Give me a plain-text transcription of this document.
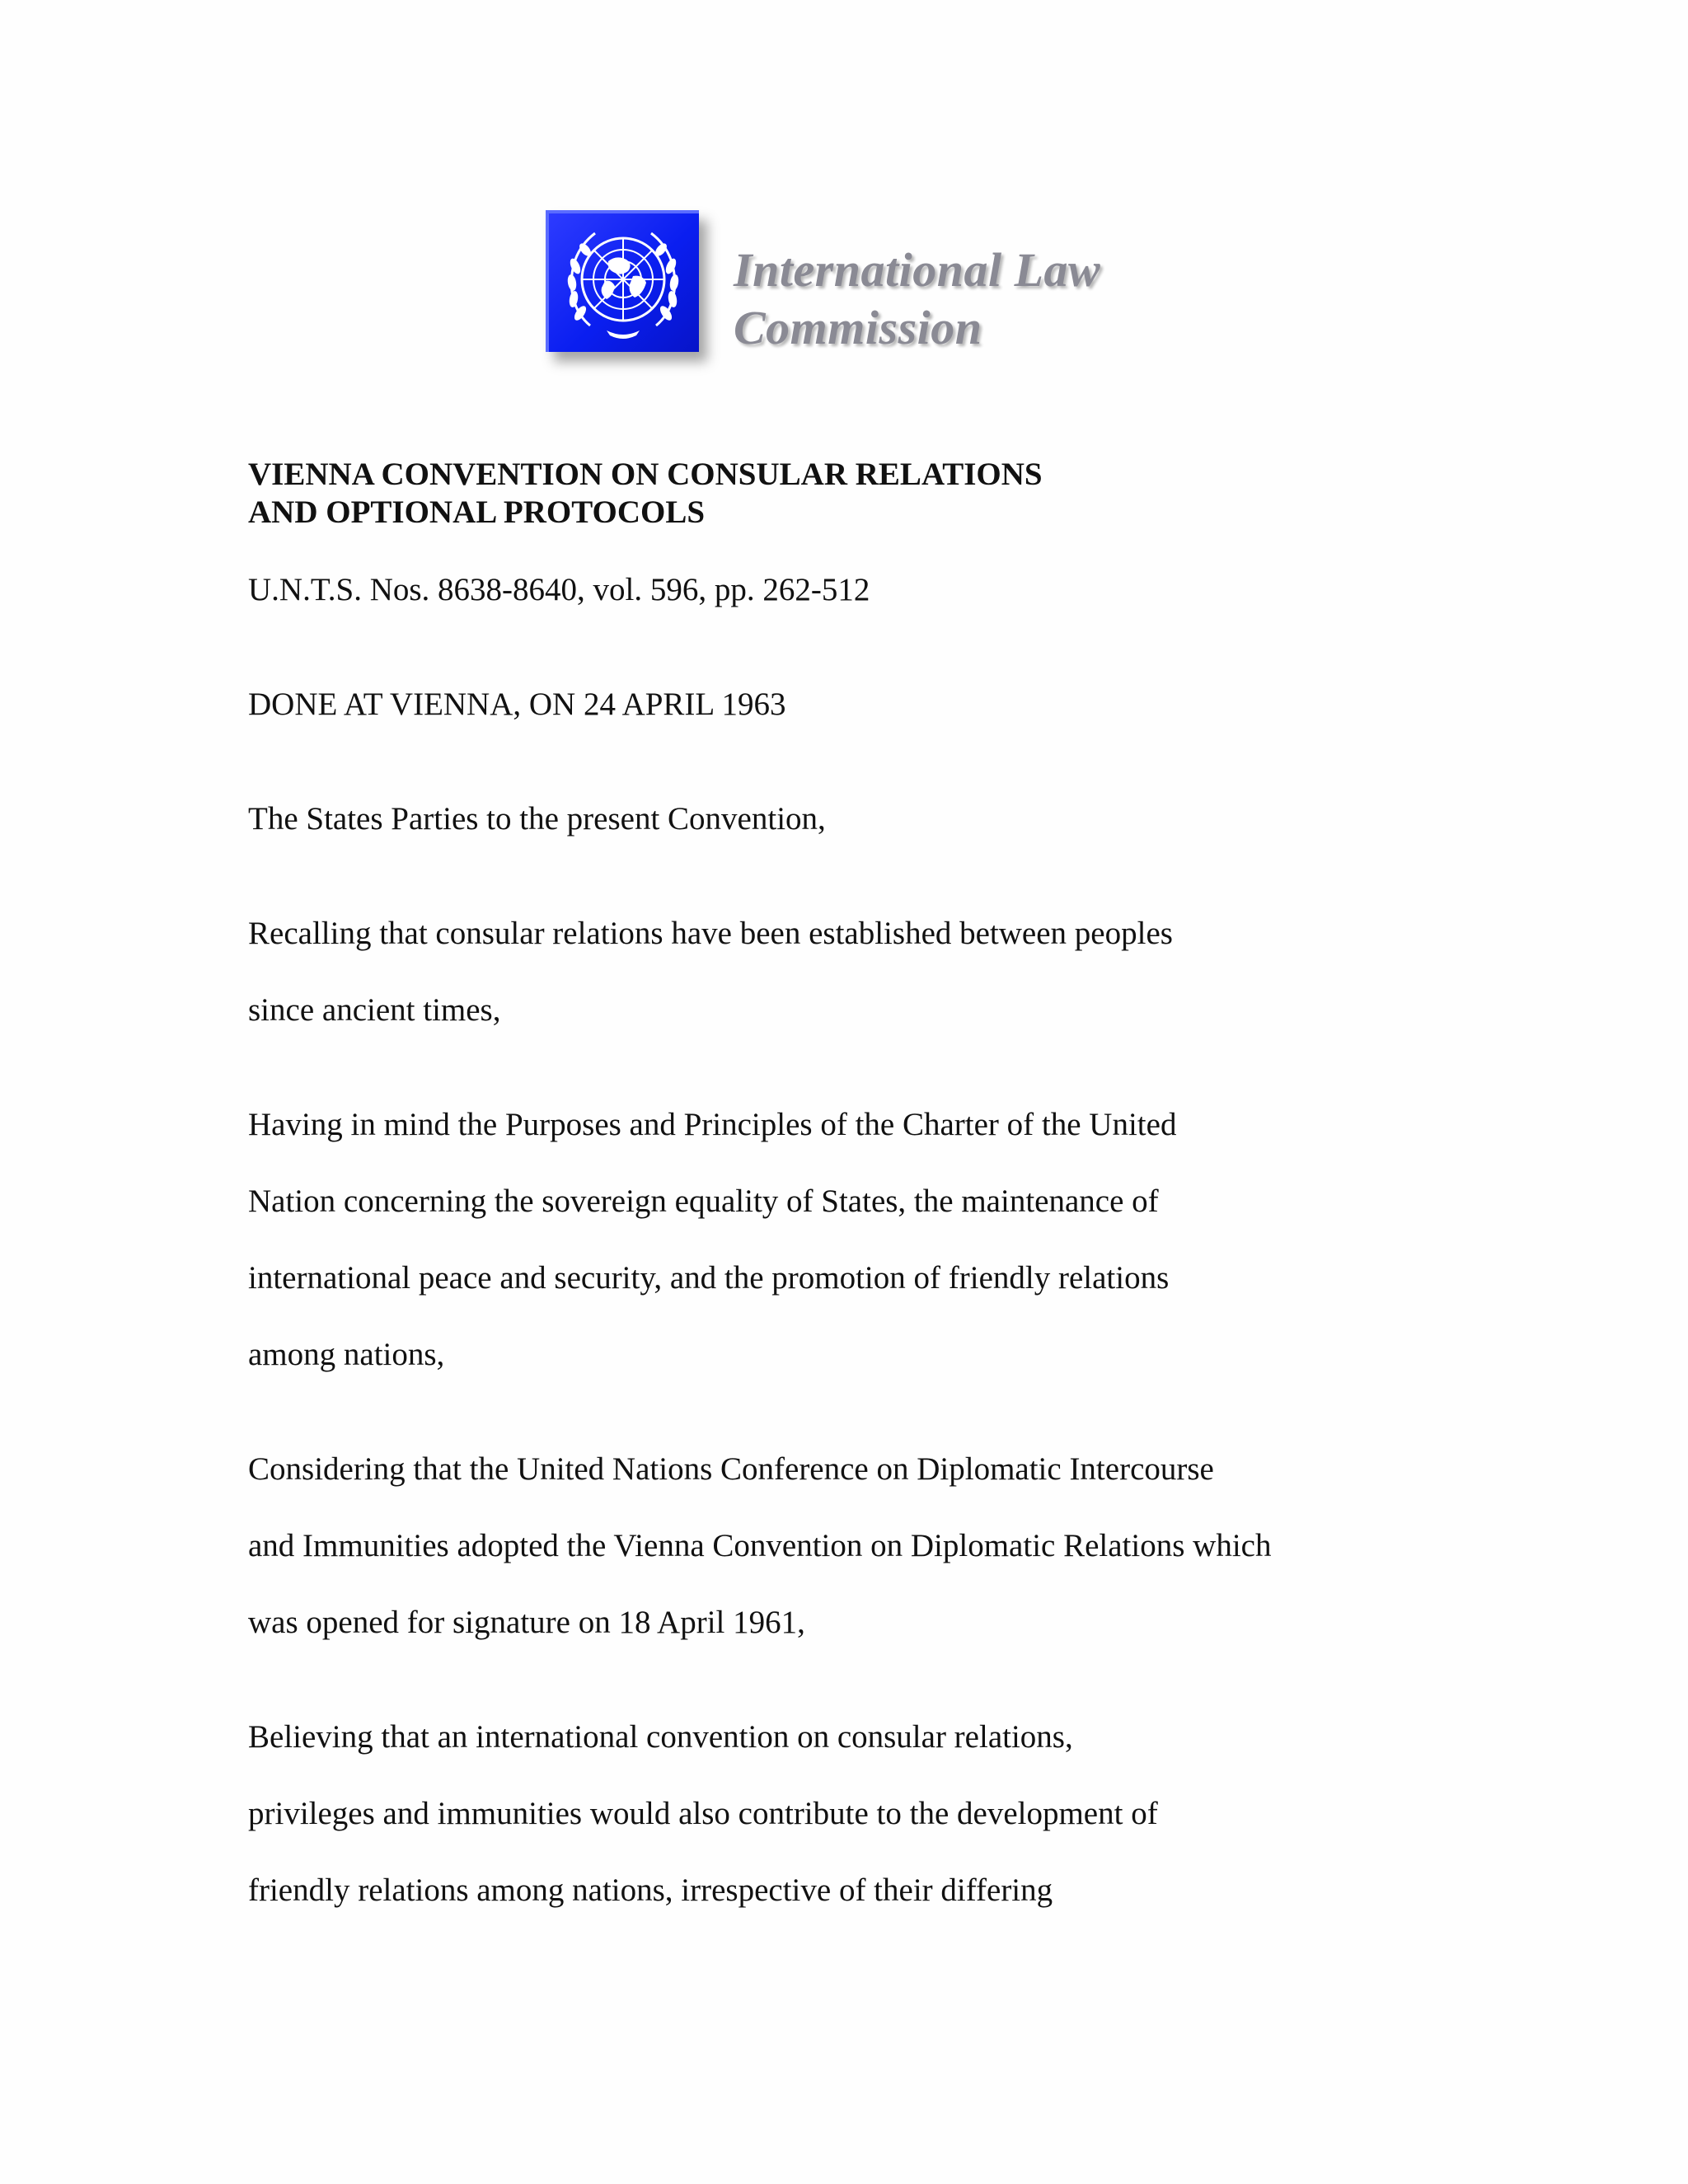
International Law
Commission
VIENNA CONVENTION ON CONSULAR RELATIONS
AND OPTIONAL PROTOCOLS

U.N.T.S. Nos. 8638-8640, vol. 596, pp. 262-512

DONE AT VIENNA, ON 24 APRIL 1963

The States Parties to the present Convention,

Recalling that consular relations have been established between peoples

since ancient times,

Having in mind the Purposes and Principles of the Charter of the United

Nation concerning the sovereign equality of States, the maintenance of

international peace and security, and the promotion of friendly relations

among nations,

Considering that the United Nations Conference on Diplomatic Intercourse

and Immunities adopted the Vienna Convention on Diplomatic Relations which

was opened for signature on 18 April 1961,

Believing that an international convention on consular relations,

privileges and immunities would also contribute to the development of

friendly relations among nations, irrespective of their differing
